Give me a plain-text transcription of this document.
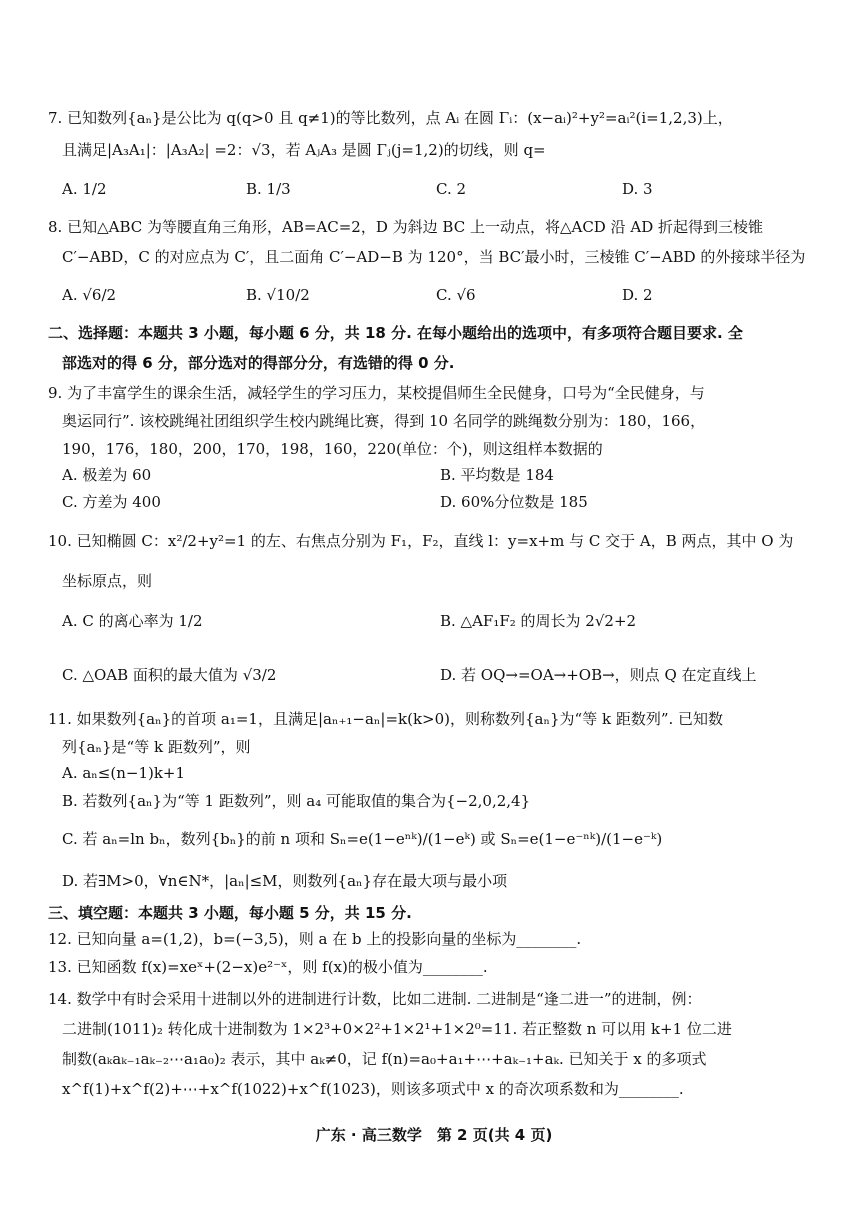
7. 已知数列{aₙ}是公比为 q(q>0 且 q≠1)的等比数列，点 Aᵢ 在圆 Γᵢ：(x−aᵢ)²+y²=aᵢ²(i=1,2,3)上，
且满足|A₃A₁|：|A₃A₂| =2：√3，若 AⱼA₃ 是圆 Γⱼ(j=1,2)的切线，则 q=
A. 1/2	B. 1/3	C. 2	D. 3
8. 已知△ABC 为等腰直角三角形，AB=AC=2，D 为斜边 BC 上一动点，将△ACD 沿 AD 折起得到三棱锥
C′−ABD，C 的对应点为 C′，且二面角 C′−AD−B 为 120°，当 BC′最小时，三棱锥 C′−ABD 的外接球半径为
A. √6/2	B. √10/2	C. √6	D. 2
二、选择题：本题共 3 小题，每小题 6 分，共 18 分. 在每小题给出的选项中，有多项符合题目要求. 全
部选对的得 6 分，部分选对的得部分分，有选错的得 0 分.
9. 为了丰富学生的课余生活，减轻学生的学习压力，某校提倡师生全民健身，口号为“全民健身，与
奥运同行”. 该校跳绳社团组织学生校内跳绳比赛，得到 10 名同学的跳绳数分别为：180，166，
190，176，180，200，170，198，160，220(单位：个)，则这组样本数据的
A. 极差为 60	B. 平均数是 184
C. 方差为 400	D. 60%分位数是 185
10. 已知椭圆 C：x²/2+y²=1 的左、右焦点分别为 F₁，F₂，直线 l：y=x+m 与 C 交于 A，B 两点，其中 O 为
坐标原点，则
A. C 的离心率为 1/2	B. △AF₁F₂ 的周长为 2√2+2
C. △OAB 面积的最大值为 √3/2	D. 若 OQ→=OA→+OB→，则点 Q 在定直线上
11. 如果数列{aₙ}的首项 a₁=1，且满足|aₙ₊₁−aₙ|=k(k>0)，则称数列{aₙ}为“等 k 距数列”. 已知数
列{aₙ}是“等 k 距数列”，则
A. aₙ≤(n−1)k+1
B. 若数列{aₙ}为“等 1 距数列”，则 a₄ 可能取值的集合为{−2,0,2,4}
C. 若 aₙ=ln bₙ，数列{bₙ}的前 n 项和 Sₙ=e(1−eⁿᵏ)/(1−eᵏ) 或 Sₙ=e(1−e⁻ⁿᵏ)/(1−e⁻ᵏ)
D. 若∃M>0，∀n∈N*，|aₙ|≤M，则数列{aₙ}存在最大项与最小项
三、填空题：本题共 3 小题，每小题 5 分，共 15 分.
12. 已知向量 a=(1,2)，b=(−3,5)，则 a 在 b 上的投影向量的坐标为________.
13. 已知函数 f(x)=xeˣ+(2−x)e²⁻ˣ，则 f(x)的极小值为________.
14. 数学中有时会采用十进制以外的进制进行计数，比如二进制. 二进制是“逢二进一”的进制，例：
二进制(1011)₂ 转化成十进制数为 1×2³+0×2²+1×2¹+1×2⁰=11. 若正整数 n 可以用 k+1 位二进
制数(aₖaₖ₋₁aₖ₋₂⋯a₁a₀)₂ 表示，其中 aₖ≠0，记 f(n)=a₀+a₁+⋯+aₖ₋₁+aₖ. 已知关于 x 的多项式
x^f(1)+x^f(2)+⋯+x^f(1022)+x^f(1023)，则该多项式中 x 的奇次项系数和为________.
广东 · 高三数学　第 2 页(共 4 页)
